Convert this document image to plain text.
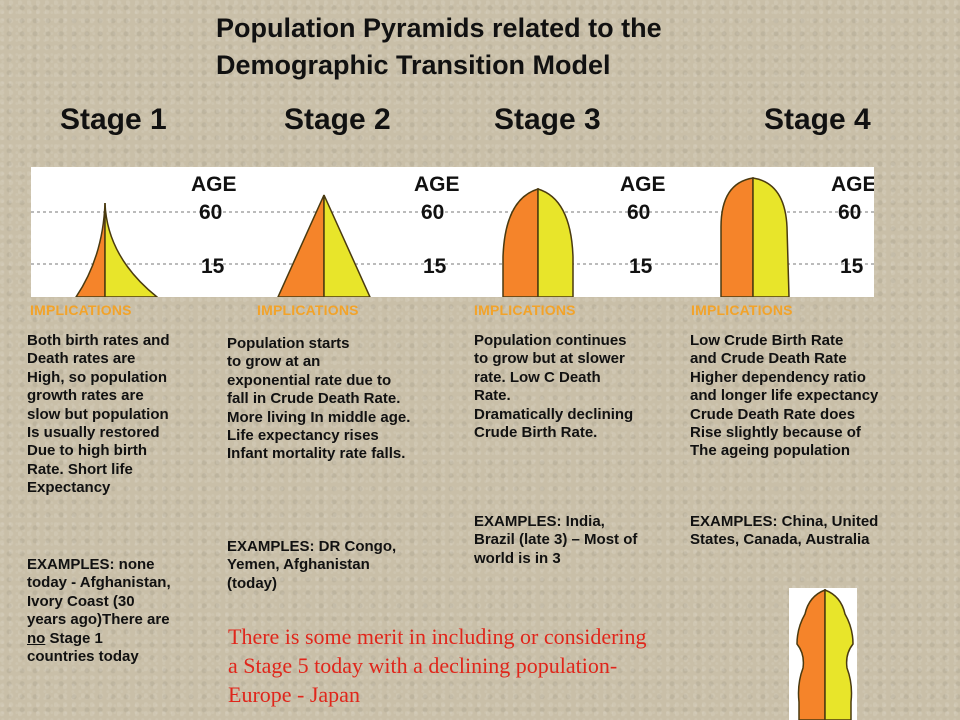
Population Pyramids related to the
Demographic Transition Model
Stage 1	Stage 2	Stage 3	Stage 4
AGE
60
15
AGE
60
15
AGE
60
15
AGE
60
15
IMPLICATIONS	IMPLICATIONS	IMPLICATIONS	IMPLICATIONS
Both birth rates and
Death rates are
High, so population
growth rates are
slow but population
Is usually restored
Due to high birth
Rate. Short life
Expectancy
EXAMPLES: none
today - Afghanistan,
Ivory Coast (30
years ago)There are
no Stage 1
countries today
Population starts
to grow at an
exponential rate due to
fall in Crude Death Rate.
More living In middle age.
Life expectancy rises
Infant mortality rate falls.
EXAMPLES: DR Congo,
Yemen, Afghanistan
(today)
Population continues
to grow but at slower
rate. Low C Death
Rate.
Dramatically declining
Crude Birth Rate.
EXAMPLES: India,
Brazil (late 3) – Most of
world is in 3
Low Crude Birth Rate
and Crude Death Rate
Higher dependency ratio
and longer life expectancy
Crude Death Rate does
Rise slightly because of
The ageing population
EXAMPLES: China, United
States, Canada, Australia
There is some merit in including or considering
a Stage 5 today with a declining population-
Europe - Japan
